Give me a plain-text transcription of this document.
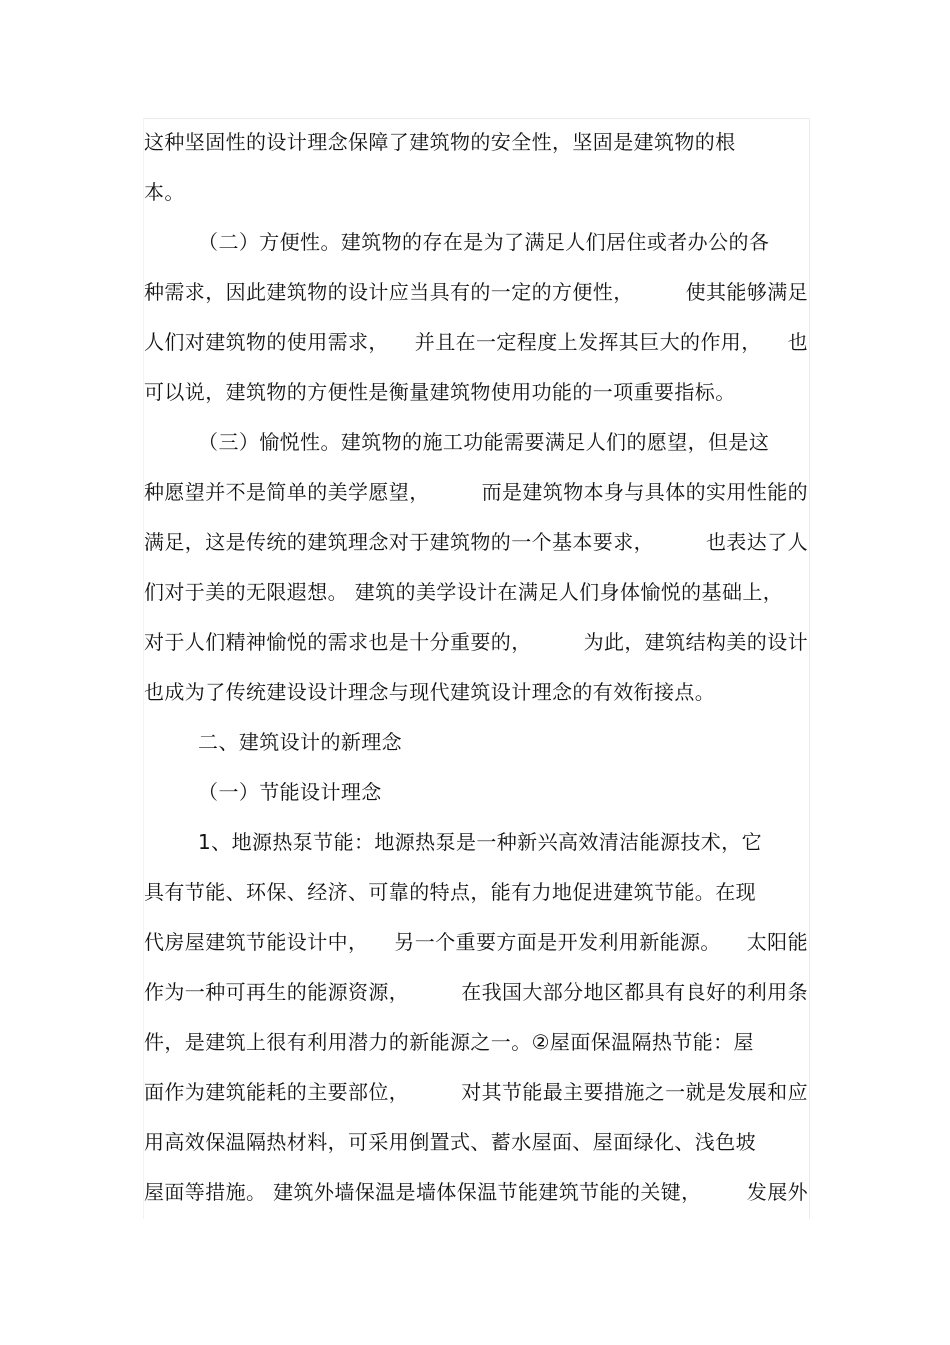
这种坚固性的设计理念保障了建筑物的安全性，坚固是建筑物的根
本。
（二）方便性。建筑物的存在是为了满足人们居住或者办公的各
种需求，因此建筑物的设计应当具有的一定的方便性，	使其能够满足
人们对建筑物的使用需求， 并且在一定程度上发挥其巨大的作用， 也
可以说，建筑物的方便性是衡量建筑物使用功能的一项重要指标。
（三）愉悦性。建筑物的施工功能需要满足人们的愿望，但是这
种愿望并不是简单的美学愿望，	而是建筑物本身与具体的实用性能的
满足，这是传统的建筑理念对于建筑物的一个基本要求，	也表达了人
们对于美的无限遐想。 建筑的美学设计在满足人们身体愉悦的基础上，
对于人们精神愉悦的需求也是十分重要的，	为此，建筑结构美的设计
也成为了传统建设设计理念与现代建筑设计理念的有效衔接点。
二、建筑设计的新理念
（一）节能设计理念
1、地源热泵节能：地源热泵是一种新兴高效清洁能源技术，它
具有节能、环保、经济、可靠的特点，能有力地促进建筑节能。在现
代房屋建筑节能设计中， 另一个重要方面是开发利用新能源。 太阳能
作为一种可再生的能源资源，	在我国大部分地区都具有良好的利用条
件，是建筑上很有利用潜力的新能源之一。②屋面保温隔热节能：屋
面作为建筑能耗的主要部位，	对其节能最主要措施之一就是发展和应
用高效保温隔热材料，可采用倒置式、蓄水屋面、屋面绿化、浅色坡
屋面等措施。 建筑外墙保温是墙体保温节能建筑节能的关键， 发展外
